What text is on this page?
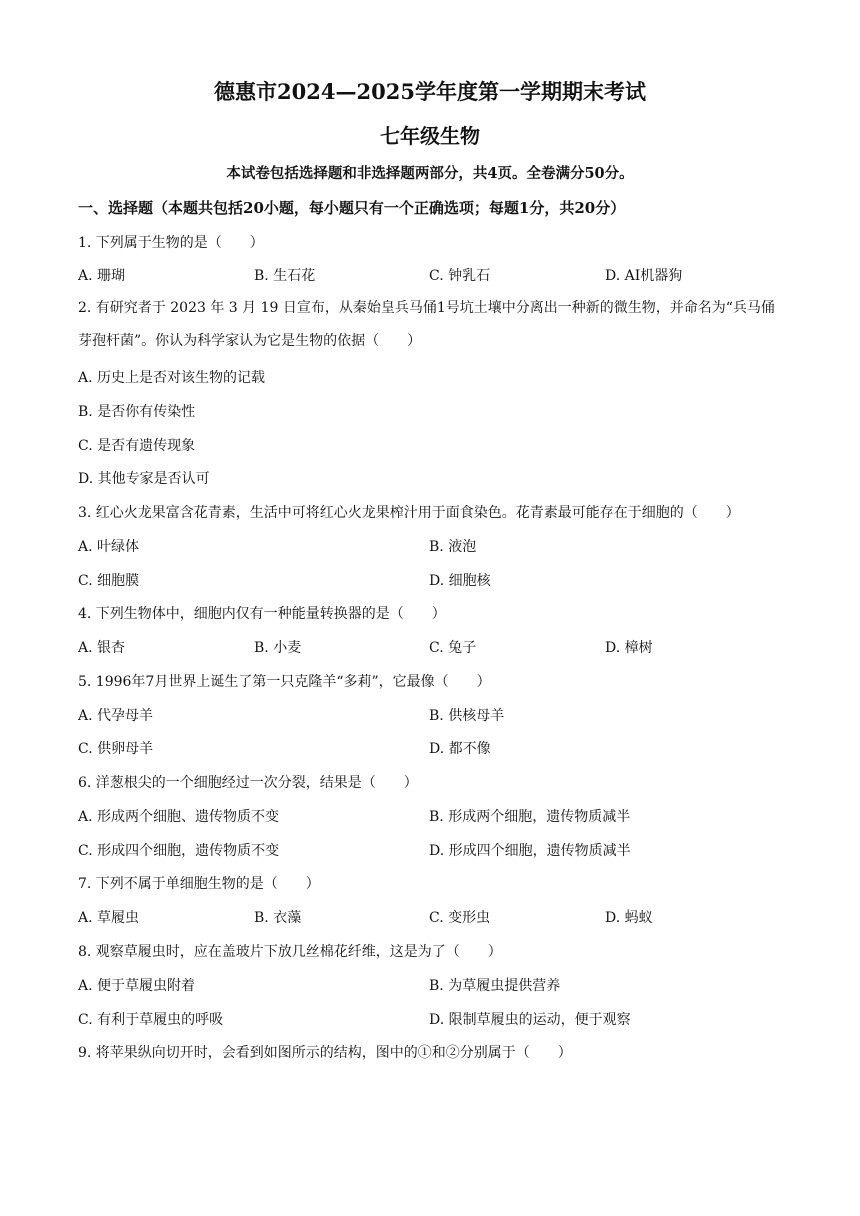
德惠市2024—2025学年度第一学期期末考试
七年级生物
本试卷包括选择题和非选择题两部分，共4页。全卷满分50分。
一、选择题（本题共包括20小题，每小题只有一个正确选项；每题1分，共20分）
1. 下列属于生物的是（　　）
A. 珊瑚	B. 生石花	C. 钟乳石	D. AI机器狗
2. 有研究者于 2023 年 3 月 19 日宣布，从秦始皇兵马俑1号坑土壤中分离出一种新的微生物，并命名为“兵马俑芽孢杆菌”。你认为科学家认为它是生物的依据（　　）
A. 历史上是否对该生物的记载
B. 是否你有传染性
C. 是否有遗传现象
D. 其他专家是否认可
3. 红心火龙果富含花青素，生活中可将红心火龙果榨汁用于面食染色。花青素最可能存在于细胞的（　　）
A. 叶绿体	B. 液泡
C. 细胞膜	D. 细胞核
4. 下列生物体中，细胞内仅有一种能量转换器的是（　　）
A. 银杏	B. 小麦	C. 兔子	D. 樟树
5. 1996年7月世界上诞生了第一只克隆羊“多莉”，它最像（　　）
A. 代孕母羊	B. 供核母羊
C. 供卵母羊	D. 都不像
6. 洋葱根尖的一个细胞经过一次分裂，结果是（　　）
A. 形成两个细胞、遗传物质不变	B. 形成两个细胞，遗传物质减半
C. 形成四个细胞，遗传物质不变	D. 形成四个细胞，遗传物质减半
7. 下列不属于单细胞生物的是（　　）
A. 草履虫	B. 衣藻	C. 变形虫	D. 蚂蚁
8. 观察草履虫时，应在盖玻片下放几丝棉花纤维，这是为了（　　）
A. 便于草履虫附着	B. 为草履虫提供营养
C. 有利于草履虫的呼吸	D. 限制草履虫的运动，便于观察
9. 将苹果纵向切开时，会看到如图所示的结构，图中的①和②分别属于（　　）
